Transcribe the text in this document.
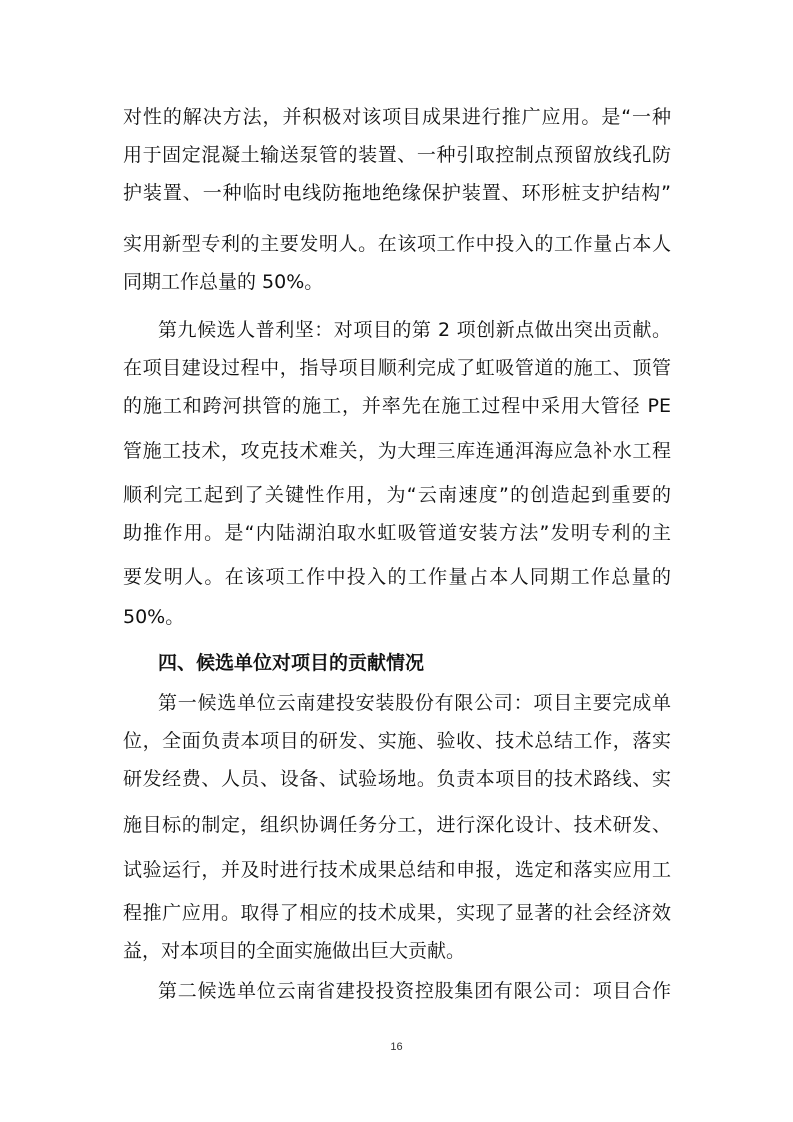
对性的解决方法，并积极对该项目成果进行推广应用。是“一种
用于固定混凝土输送泵管的装置、一种引取控制点预留放线孔防
护装置、一种临时电线防拖地绝缘保护装置、环形桩支护结构”
实用新型专利的主要发明人。在该项工作中投入的工作量占本人
同期工作总量的 50%。
第九候选人普利坚：对项目的第 2 项创新点做出突出贡献。
在项目建设过程中，指导项目顺利完成了虹吸管道的施工、顶管
的施工和跨河拱管的施工，并率先在施工过程中采用大管径 PE
管施工技术，攻克技术难关，为大理三库连通洱海应急补水工程
顺利完工起到了关键性作用，为“云南速度”的创造起到重要的
助推作用。是“内陆湖泊取水虹吸管道安装方法”发明专利的主
要发明人。在该项工作中投入的工作量占本人同期工作总量的
50%。
四、候选单位对项目的贡献情况
第一候选单位云南建投安装股份有限公司：项目主要完成单
位，全面负责本项目的研发、实施、验收、技术总结工作，落实
研发经费、人员、设备、试验场地。负责本项目的技术路线、实
施目标的制定，组织协调任务分工，进行深化设计、技术研发、
试验运行，并及时进行技术成果总结和申报，选定和落实应用工
程推广应用。取得了相应的技术成果，实现了显著的社会经济效
益，对本项目的全面实施做出巨大贡献。
第二候选单位云南省建投投资控股集团有限公司：项目合作
16
